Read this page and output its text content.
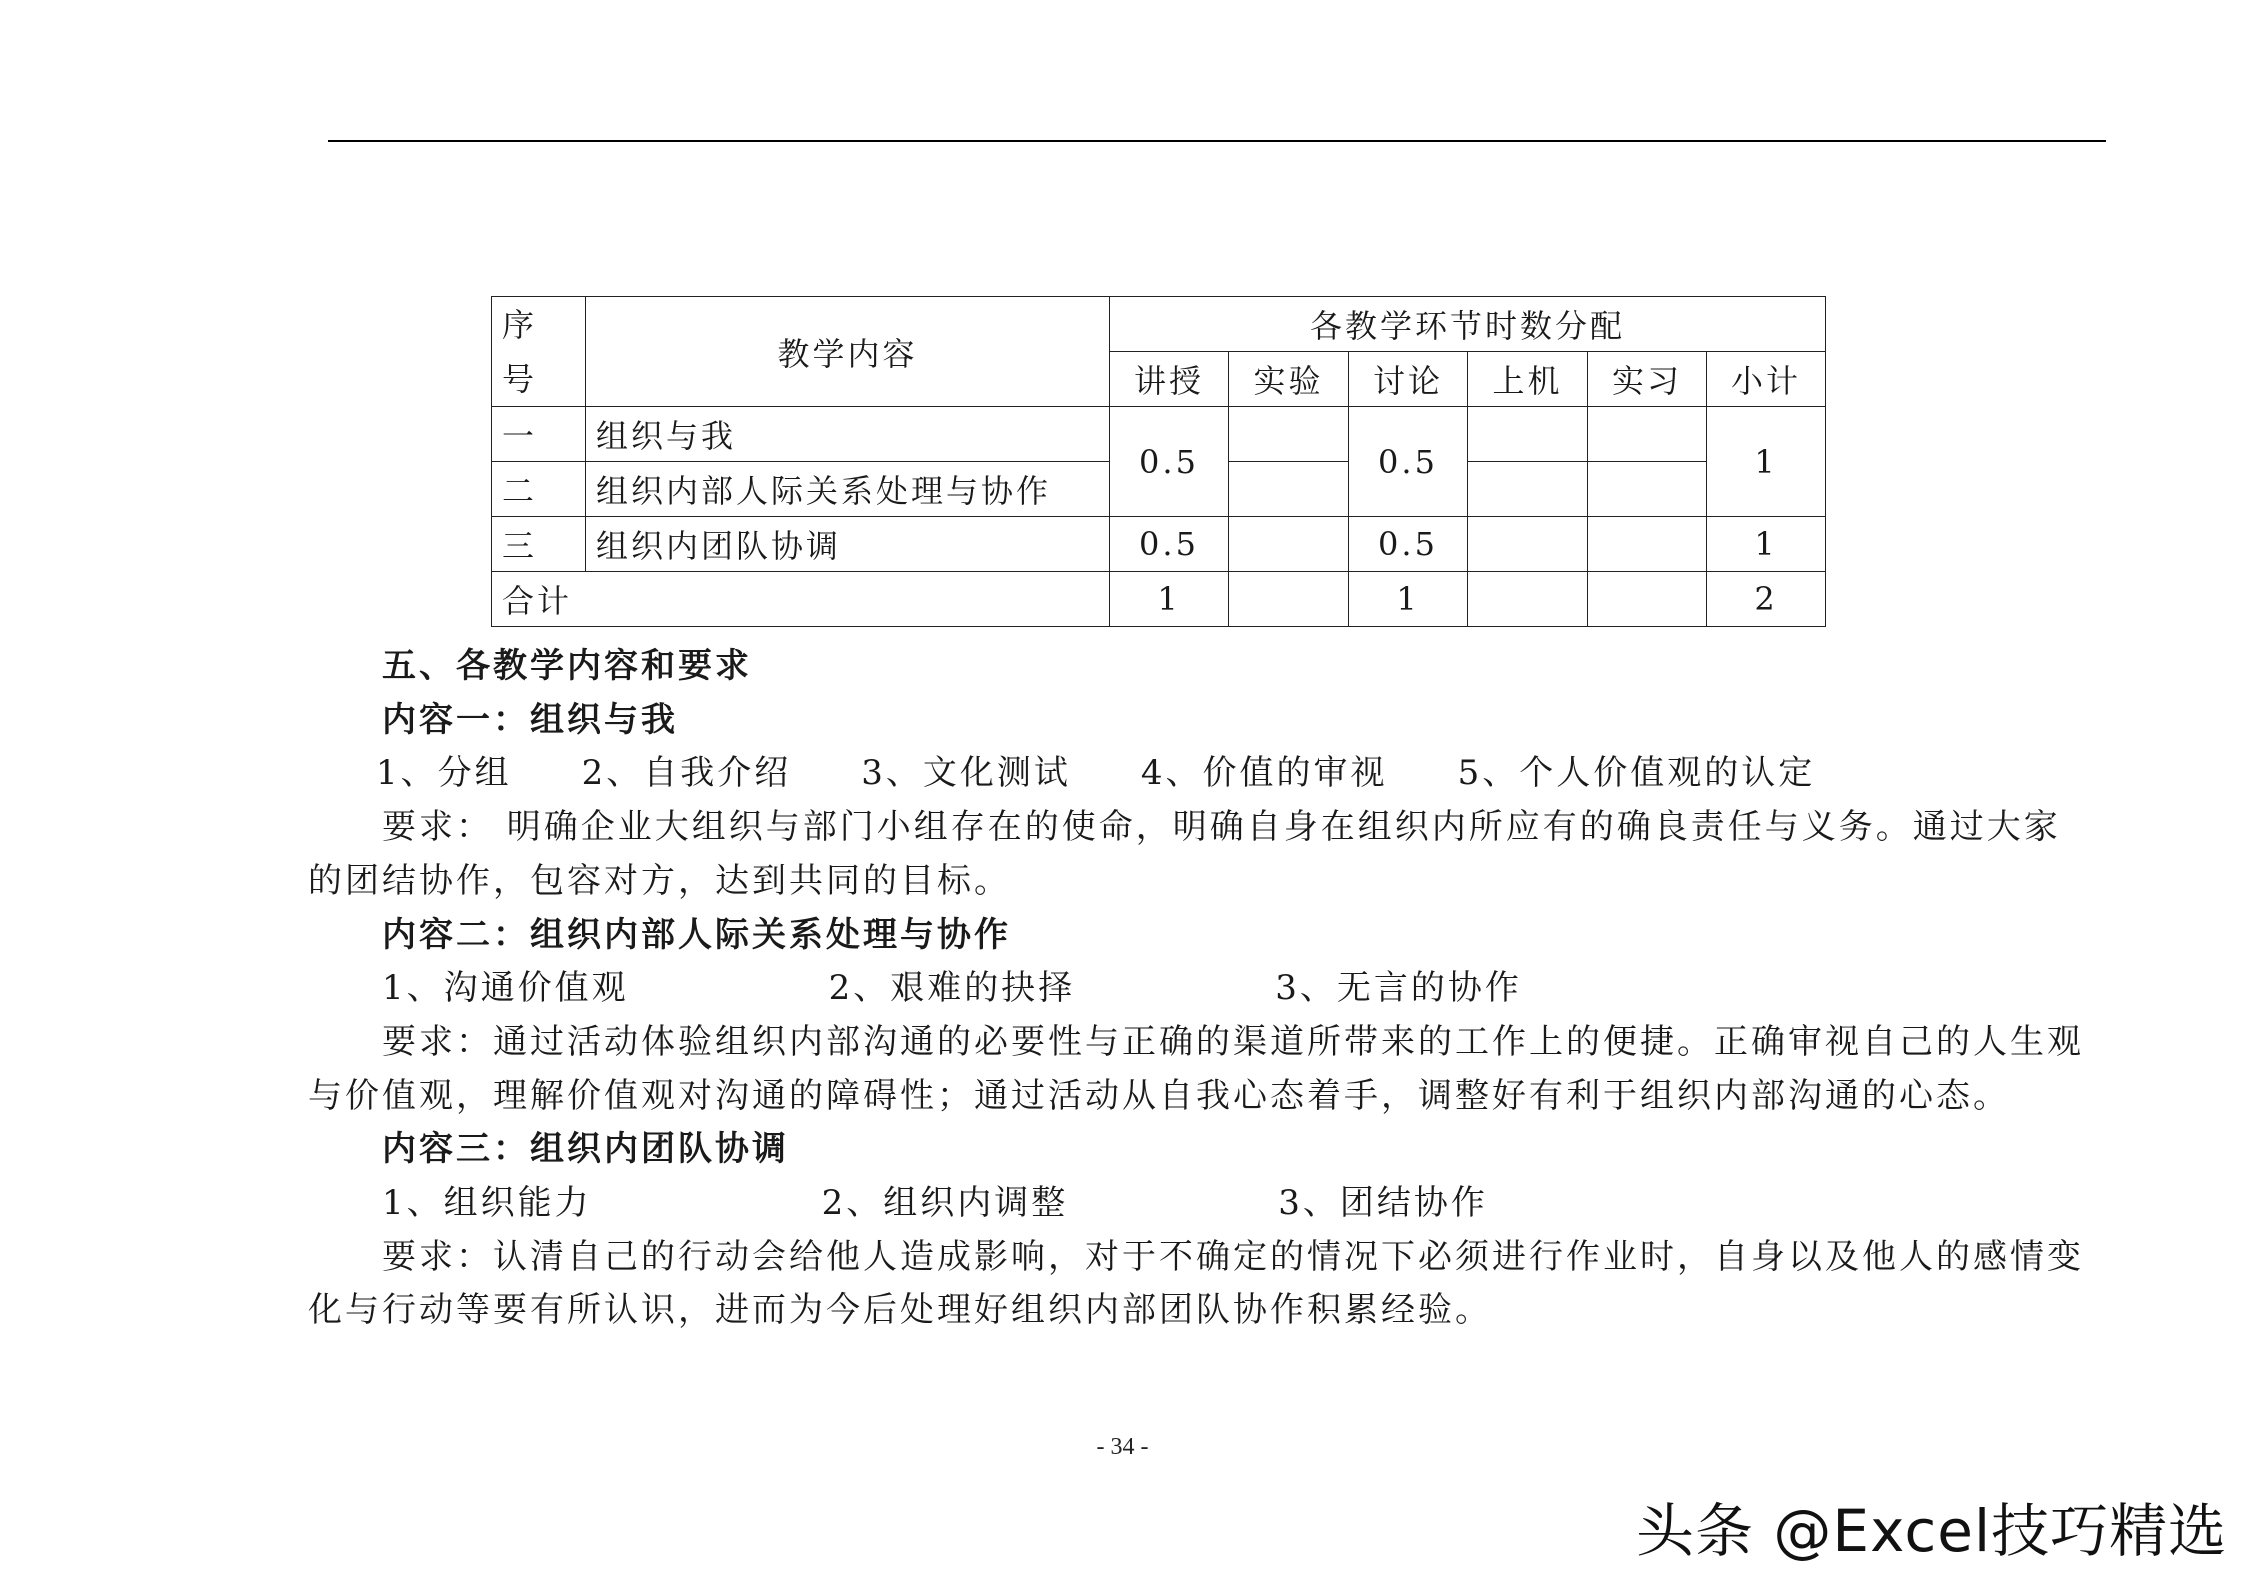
序
号	教学内容	各教学环节时数分配					
		讲授	实验	讨论	上机	实习	小计
一	组织与我	0.5		0.5			1
二	组织内部人际关系处理与协作						
三	组织内团队协调	0.5		0.5			1
合计		1		1			2

五、各教学内容和要求

内容一：组织与我

1、分组 2、自我介绍 3、文化测试 4、价值的审视 5、个人价值观的认定

要求： 明确企业大组织与部门小组存在的使命，明确自身在组织内所应有的确良责任与义务。通过大家

的团结协作，包容对方，达到共同的目标。

内容二：组织内部人际关系处理与协作

1、沟通价值观	2、艰难的抉择	3、无言的协作

要求：通过活动体验组织内部沟通的必要性与正确的渠道所带来的工作上的便捷。正确审视自己的人生观

与价值观，理解价值观对沟通的障碍性；通过活动从自我心态着手，调整好有利于组织内部沟通的心态。

内容三：组织内团队协调

1、组织能力	2、组织内调整	3、团结协作

要求：认清自己的行动会给他人造成影响，对于不确定的情况下必须进行作业时，自身以及他人的感情变

化与行动等要有所认识，进而为今后处理好组织内部团队协作积累经验。

- 34 -
头条 @Excel技巧精选
